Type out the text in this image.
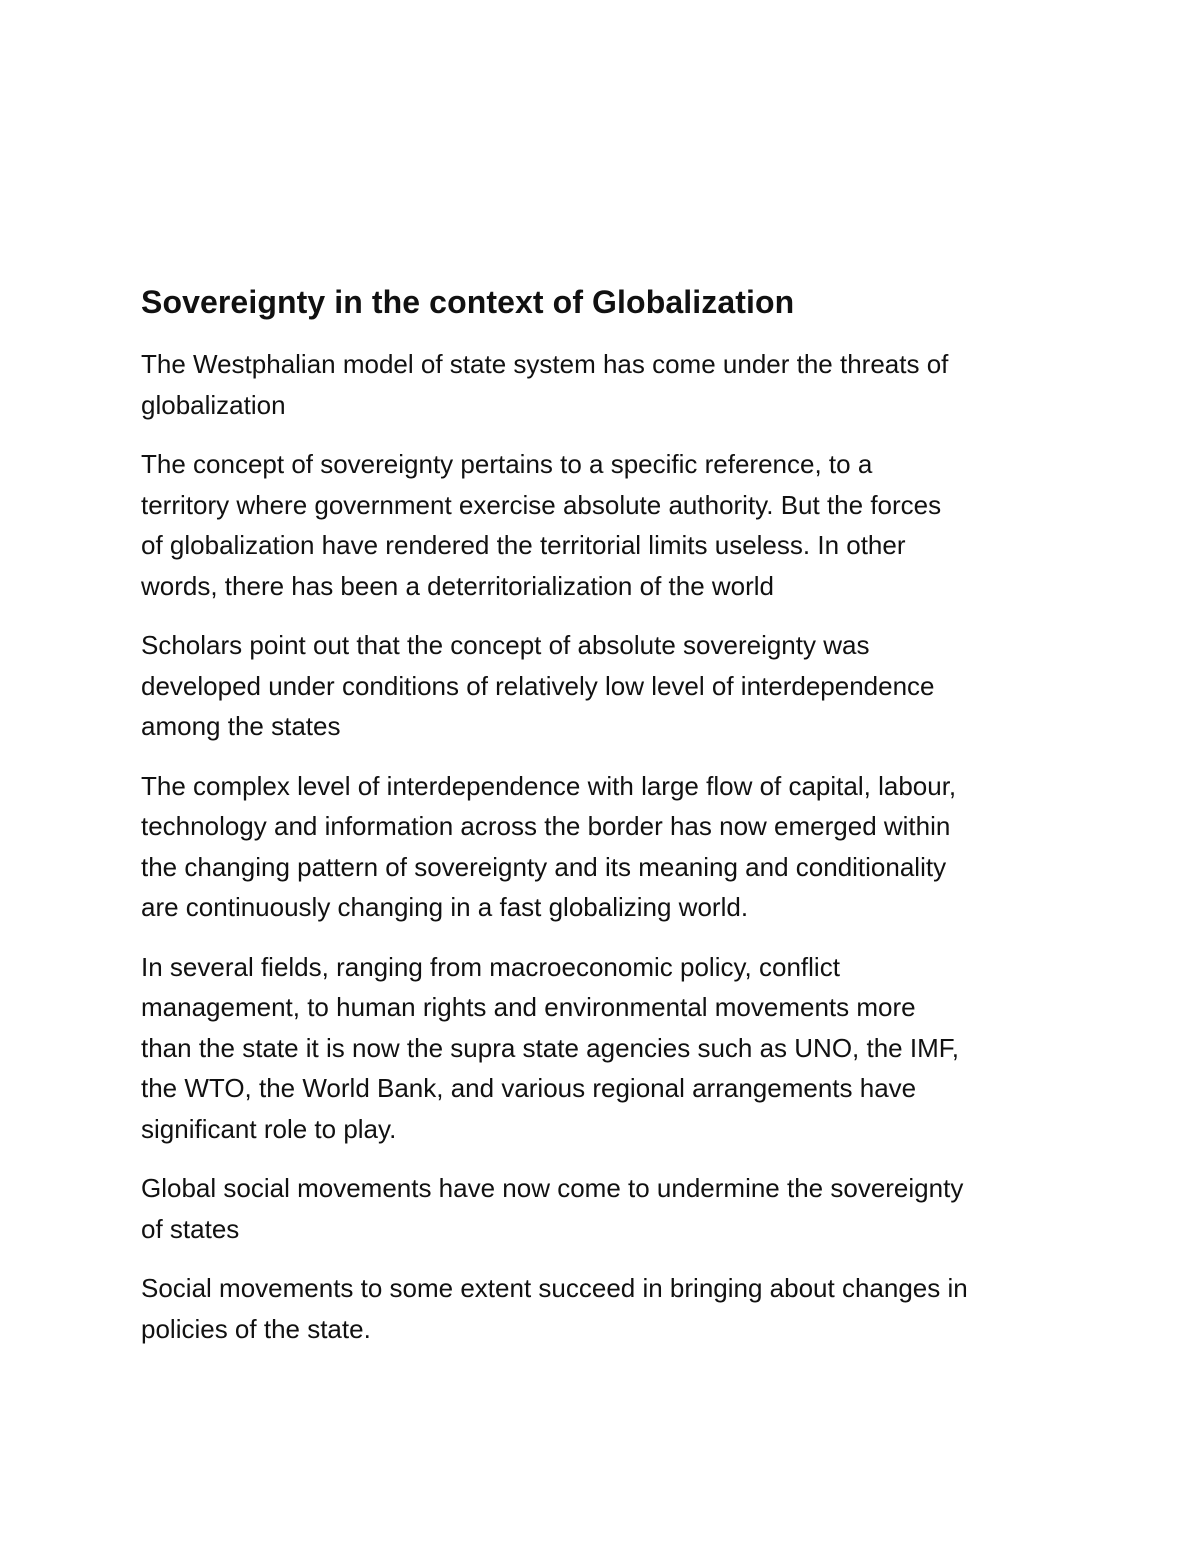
Sovereignty in the context of Globalization

The Westphalian model of state system has come under the threats of
globalization

The concept of sovereignty pertains to a specific reference, to a
territory where government exercise absolute authority. But the forces
of globalization have rendered the territorial limits useless. In other
words, there has been a deterritorialization of the world

Scholars point out that the concept of absolute sovereignty was
developed under conditions of relatively low level of interdependence
among the states

The complex level of interdependence with large flow of capital, labour,
technology and information across the border has now emerged within
the changing pattern of sovereignty and its meaning and conditionality
are continuously changing in a fast globalizing world.

In several fields, ranging from macroeconomic policy, conflict
management, to human rights and environmental movements more
than the state it is now the supra state agencies such as UNO, the IMF,
the WTO, the World Bank, and various regional arrangements have
significant role to play.

Global social movements have now come to undermine the sovereignty
of states

Social movements to some extent succeed in bringing about changes in
policies of the state.
